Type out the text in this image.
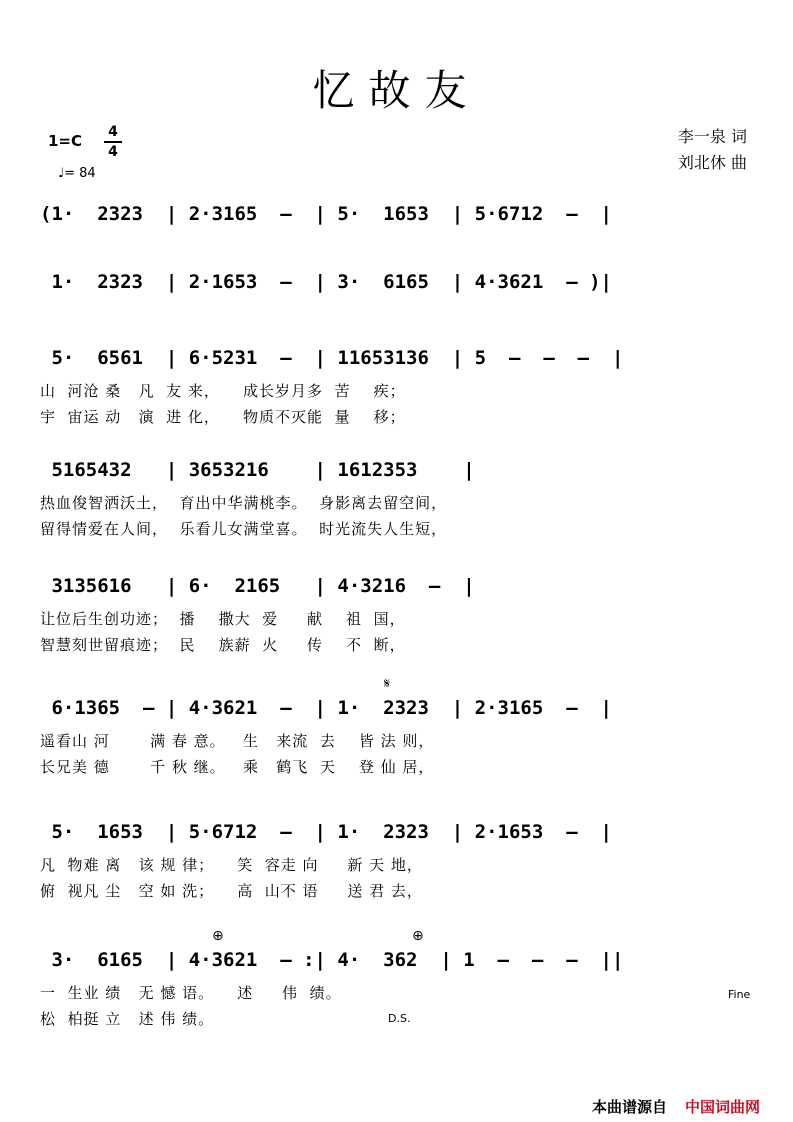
忆故友
1=C 4
4
♩= 84
李一泉 词
刘北休 曲
(1·  2323  | 2·3165  –  | 5·  1653  | 5·6712  –  |
1·  2323  | 2·1653  –  | 3·  6165  | 4·3621  – )|
5·  6561  | 6·5231  –  | 11653136  | 5  –  –  –  |
山  河沧 桑   凡  友 来，    成长岁月多  苦    疾；
宇  宙运 动   演  进 化，    物质不灭能  量    移；
5165432   | 3653216    | 1612353    |
热血俊智洒沃土，  育出中华满桃李。  身影离去留空间，
留得情爱在人间，  乐看儿女满堂喜。  时光流失人生短，
3135616   | 6·  2165   | 4·3216  –  |
让位后生创功迹；  播    撒大  爱     献    祖  国，
智慧刻世留痕迹；  民    族薪  火     传    不  断，
6·1365  – | 4·3621  –  | 1·  2323  | 2·3165  –  |
遥看山 河       满 春 意。   生   来流  去    皆 法 则，
长兄美 德       千 秋 继。   乘   鹤飞  天    登 仙 居，
5·  1653  | 5·6712  –  | 1·  2323  | 2·1653  –  |
凡  物难 离   该 规 律；    笑  容走 向     新 天 地，
俯  视凡 尘   空 如 洗；    高  山不 语     送 君 去，
3·  6165  | 4·3621  – :| 4·  362  | 1  –  –  –  ||
一  生业 绩   无 憾 语。    述     伟  绩。
松  柏挺 立   述 伟 绩。
𝄋
⊕	⊕
Fine
D.S.
本曲谱源自 中国词曲网
